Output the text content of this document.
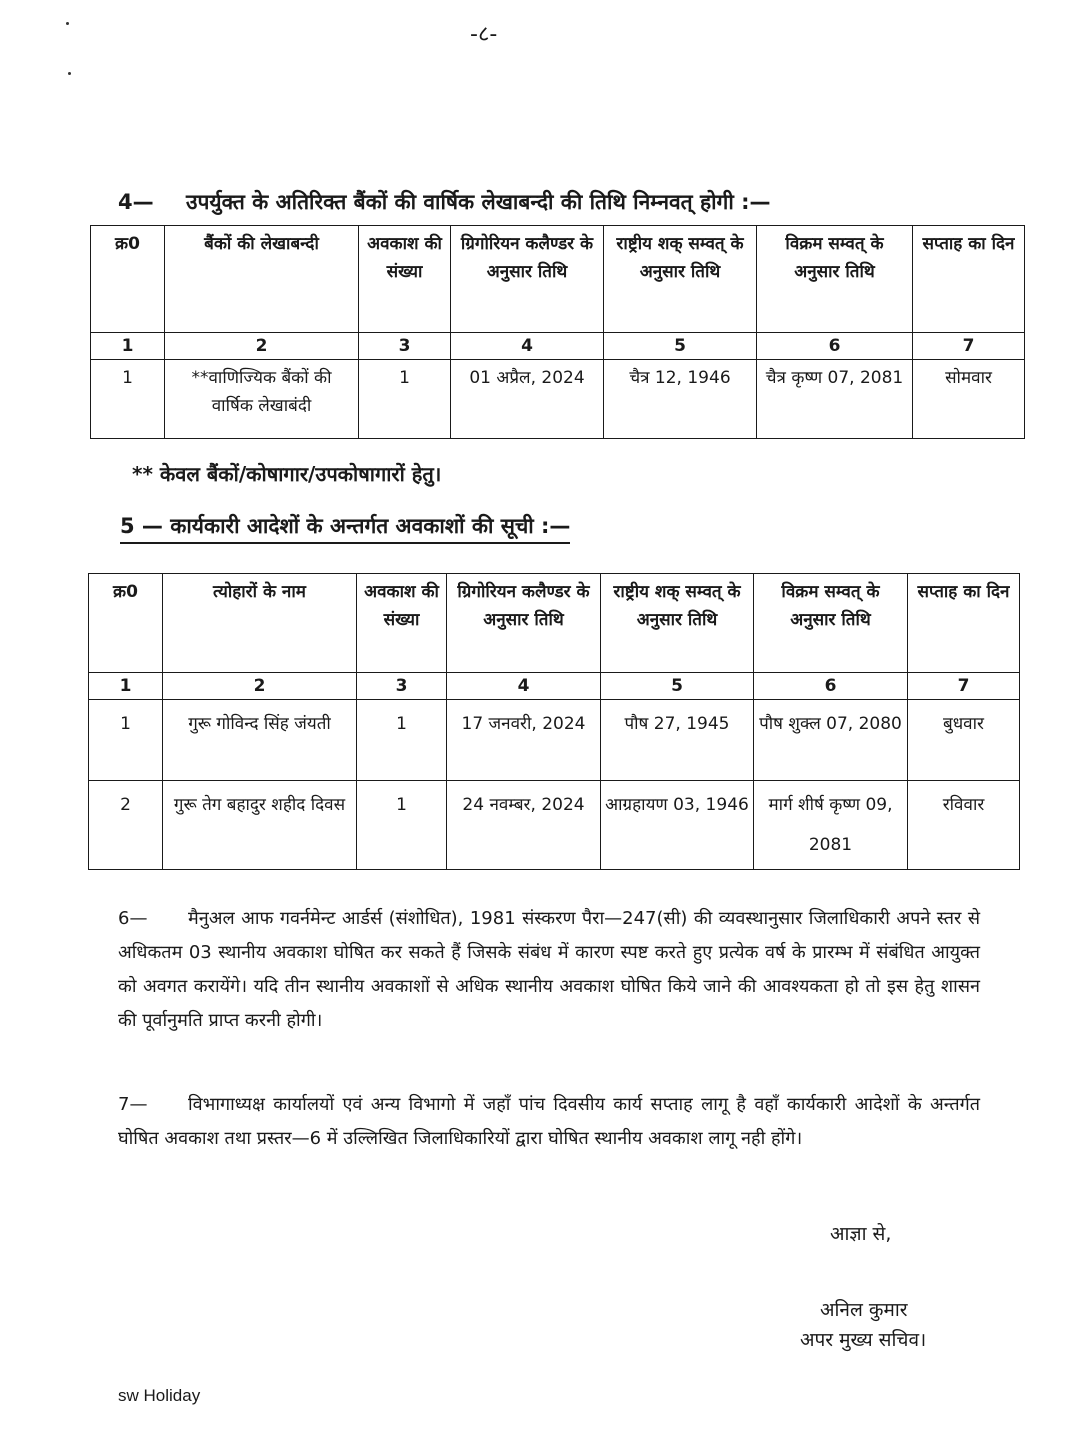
-८-
4— उपर्युक्त के अतिरिक्त बैंकों की वार्षिक लेखाबन्दी की तिथि निम्नवत् होगी :—
क्र0	बैंकों की लेखाबन्दी	अवकाश की संख्या	ग्रिगोरियन कलैण्डर के अनुसार तिथि	राष्ट्रीय शक् सम्वत् के अनुसार तिथि	विक्रम सम्वत् के अनुसार तिथि	सप्ताह का दिन
1	2	3	4	5	6	7
1	**वाणिज्यिक बैंकों की वार्षिक लेखाबंदी	1	01 अप्रैल, 2024	चैत्र 12, 1946	चैत्र कृष्ण 07, 2081	सोमवार
** केवल बैंकों/कोषागार/उपकोषागारों हेतु।
5 — कार्यकारी आदेशों के अन्तर्गत अवकाशों की सूची :—
क्र0	त्योहारों के नाम	अवकाश की संख्या	ग्रिगोरियन कलैण्डर के अनुसार तिथि	राष्ट्रीय शक् सम्वत् के अनुसार तिथि	विक्रम सम्वत् के अनुसार तिथि	सप्ताह का दिन
1	2	3	4	5	6	7
1	गुरू गोविन्द सिंह जंयती	1	17 जनवरी, 2024	पौष 27, 1945	पौष शुक्ल 07, 2080	बुधवार
2	गुरू तेग बहादुर शहीद दिवस	1	24 नवम्बर, 2024	आग्रहायण 03, 1946	मार्ग शीर्ष कृष्ण 09, 2081	रविवार
6— मैनुअल आफ गवर्नमेन्ट आर्डर्स (संशोधित), 1981 संस्करण पैरा—247(सी) की व्यवस्थानुसार जिलाधिकारी अपने स्तर से अधिकतम 03 स्थानीय अवकाश घोषित कर सकते हैं जिसके संबंध में कारण स्पष्ट करते हुए प्रत्येक वर्ष के प्रारम्भ में संबंधित आयुक्त को अवगत करायेंगे। यदि तीन स्थानीय अवकाशों से अधिक स्थानीय अवकाश घोषित किये जाने की आवश्यकता हो तो इस हेतु शासन की पूर्वानुमति प्राप्त करनी होगी।
7— विभागाध्यक्ष कार्यालयों एवं अन्य विभागो में जहाँ पांच दिवसीय कार्य सप्ताह लागू है वहाँ कार्यकारी आदेशों के अन्तर्गत घोषित अवकाश तथा प्रस्तर—6 में उल्लिखित जिलाधिकारियों द्वारा घोषित स्थानीय अवकाश लागू नही होंगे।
आज्ञा से,
अनिल कुमार
अपर मुख्य सचिव।
sw Holiday
